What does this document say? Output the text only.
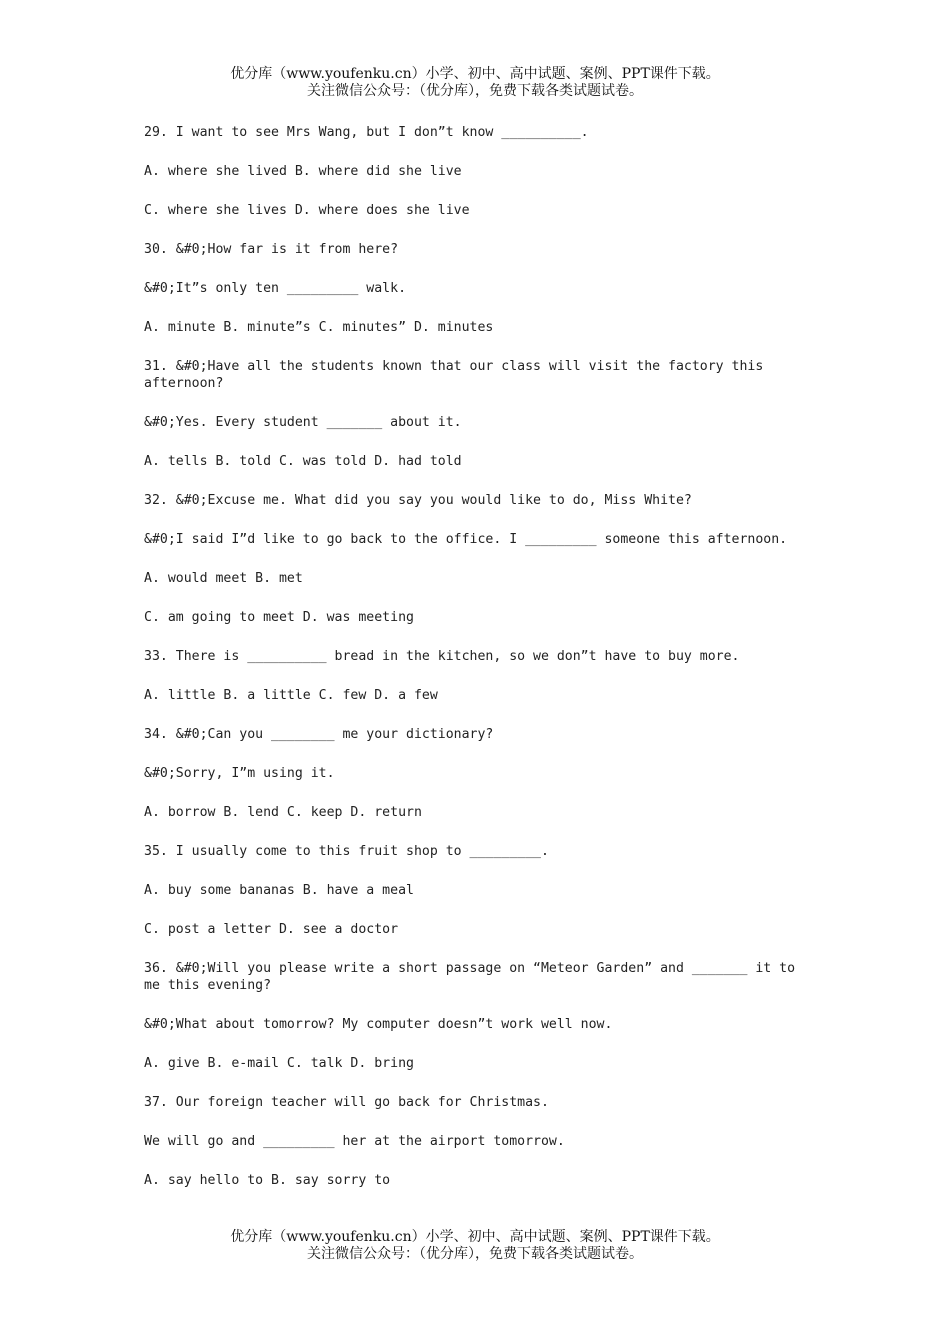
优分库（www.youfenku.cn）小学、初中、高中试题、案例、PPT课件下载。
关注微信公众号：（优分库），免费下载各类试题试卷。
29. I want to see Mrs Wang, but I don”t know __________.
A. where she lived B. where did she live
C. where she lives D. where does she live
30. &#0;How far is it from here?
&#0;It”s only ten _________ walk.
A. minute B. minute”s C. minutes” D. minutes
31. &#0;Have all the students known that our class will visit the factory this afternoon?
&#0;Yes. Every student _______ about it.
A. tells B. told C. was told D. had told
32. &#0;Excuse me. What did you say you would like to do, Miss White?
&#0;I said I”d like to go back to the office. I _________ someone this afternoon.
A. would meet B. met
C. am going to meet D. was meeting
33. There is __________ bread in the kitchen, so we don”t have to buy more.
A. little B. a little C. few D. a few
34. &#0;Can you ________ me your dictionary?
&#0;Sorry, I”m using it.
A. borrow B. lend C. keep D. return
35. I usually come to this fruit shop to _________.
A. buy some bananas B. have a meal
C. post a letter D. see a doctor
36. &#0;Will you please write a short passage on “Meteor Garden” and _______ it to me this evening?
&#0;What about tomorrow? My computer doesn”t work well now.
A. give B. e-mail C. talk D. bring
37. Our foreign teacher will go back for Christmas.
We will go and _________ her at the airport tomorrow.
A. say hello to B. say sorry to
优分库（www.youfenku.cn）小学、初中、高中试题、案例、PPT课件下载。
关注微信公众号：（优分库），免费下载各类试题试卷。
